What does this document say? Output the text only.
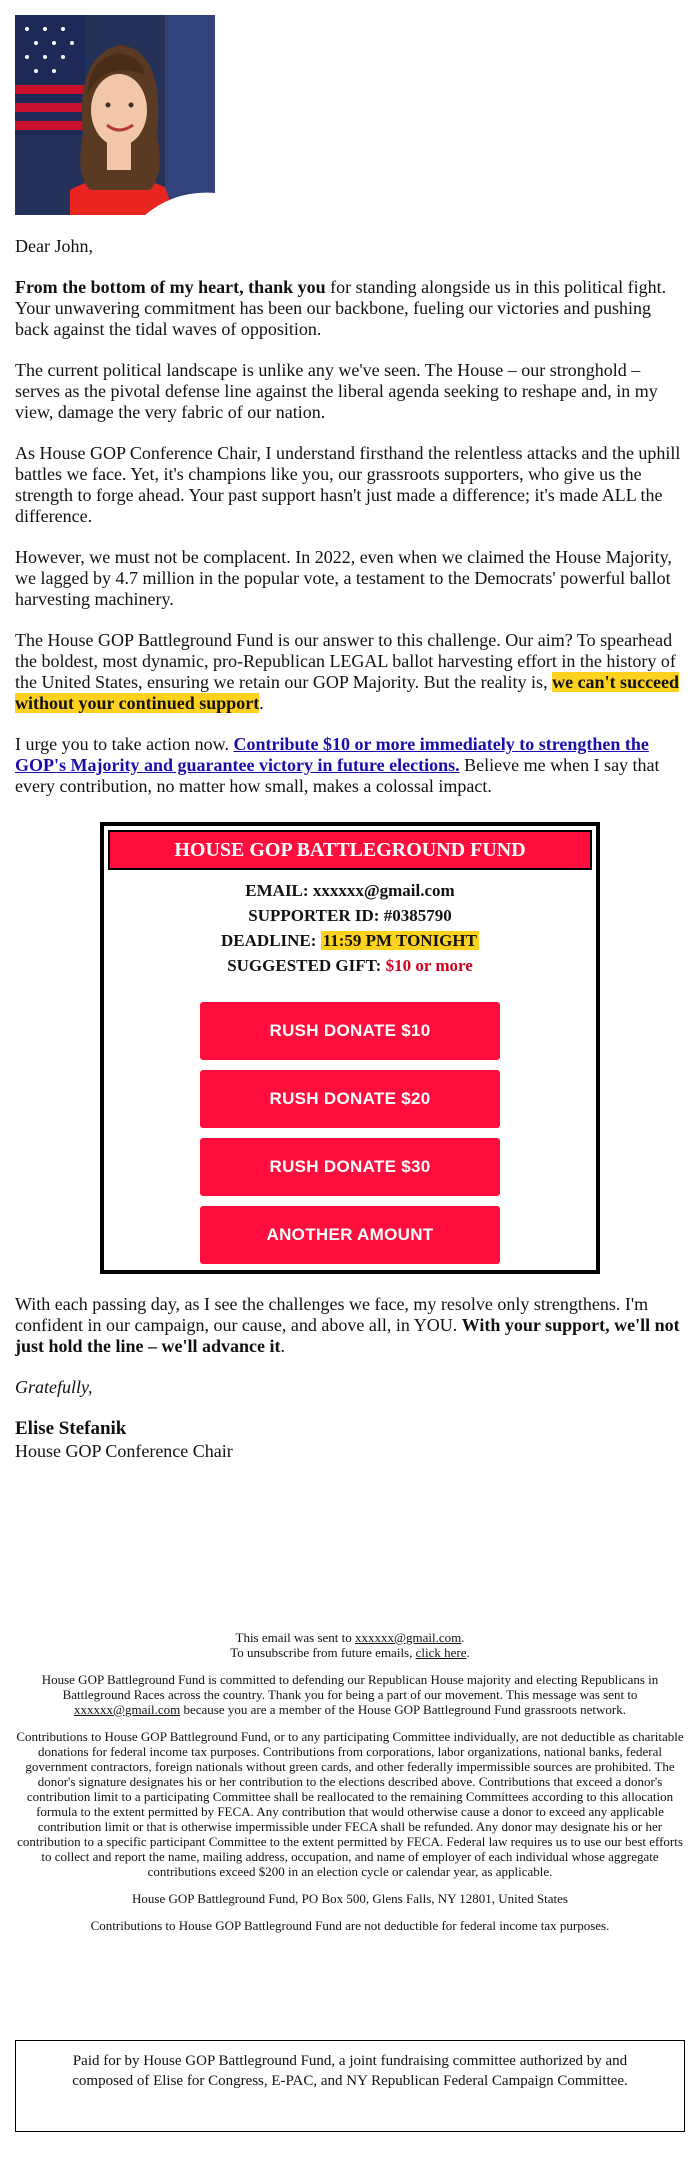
Dear John,

From the bottom of my heart, thank you for standing alongside us in this political fight. Your unwavering commitment has been our backbone, fueling our victories and pushing back against the tidal waves of opposition.

The current political landscape is unlike any we've seen. The House – our stronghold – serves as the pivotal defense line against the liberal agenda seeking to reshape and, in my view, damage the very fabric of our nation.

As House GOP Conference Chair, I understand firsthand the relentless attacks and the uphill battles we face. Yet, it's champions like you, our grassroots supporters, who give us the strength to forge ahead. Your past support hasn't just made a difference; it's made ALL the difference.

However, we must not be complacent. In 2022, even when we claimed the House Majority, we lagged by 4.7 million in the popular vote, a testament to the Democrats' powerful ballot harvesting machinery.

The House GOP Battleground Fund is our answer to this challenge. Our aim? To spearhead the boldest, most dynamic, pro-Republican LEGAL ballot harvesting effort in the history of the United States, ensuring we retain our GOP Majority. But the reality is, we can't succeed without your continued support.

I urge you to take action now. Contribute $10 or more immediately to strengthen the GOP's Majority and guarantee victory in future elections. Believe me when I say that every contribution, no matter how small, makes a colossal impact.

HOUSE GOP BATTLEGROUND FUND
EMAIL: xxxxxx@gmail.com
SUPPORTER ID: #0385790
DEADLINE: 11:59 PM TONIGHT
SUGGESTED GIFT: $10 or more
RUSH DONATE $10
RUSH DONATE $20
RUSH DONATE $30
ANOTHER AMOUNT

With each passing day, as I see the challenges we face, my resolve only strengthens. I'm confident in our campaign, our cause, and above all, in YOU. With your support, we'll not just hold the line – we'll advance it.

Gratefully,

Elise Stefanik

House GOP Conference Chair

This email was sent to xxxxxx@gmail.com.
To unsubscribe from future emails, click here.

House GOP Battleground Fund is committed to defending our Republican House majority and electing Republicans in Battleground Races across the country. Thank you for being a part of our movement. This message was sent to xxxxxx@gmail.com because you are a member of the House GOP Battleground Fund grassroots network.

Contributions to House GOP Battleground Fund, or to any participating Committee individually, are not deductible as charitable donations for federal income tax purposes. Contributions from corporations, labor organizations, national banks, federal government contractors, foreign nationals without green cards, and other federally impermissible sources are prohibited. The donor's signature designates his or her contribution to the elections described above. Contributions that exceed a donor's contribution limit to a participating Committee shall be reallocated to the remaining Committees according to this allocation formula to the extent permitted by FECA. Any contribution that would otherwise cause a donor to exceed any applicable contribution limit or that is otherwise impermissible under FECA shall be refunded. Any donor may designate his or her contribution to a specific participant Committee to the extent permitted by FECA. Federal law requires us to use our best efforts to collect and report the name, mailing address, occupation, and name of employer of each individual whose aggregate contributions exceed $200 in an election cycle or calendar year, as applicable.

House GOP Battleground Fund, PO Box 500, Glens Falls, NY 12801, United States

Contributions to House GOP Battleground Fund are not deductible for federal income tax purposes.

Paid for by House GOP Battleground Fund, a joint fundraising committee authorized by and composed of Elise for Congress, E-PAC, and NY Republican Federal Campaign Committee.
